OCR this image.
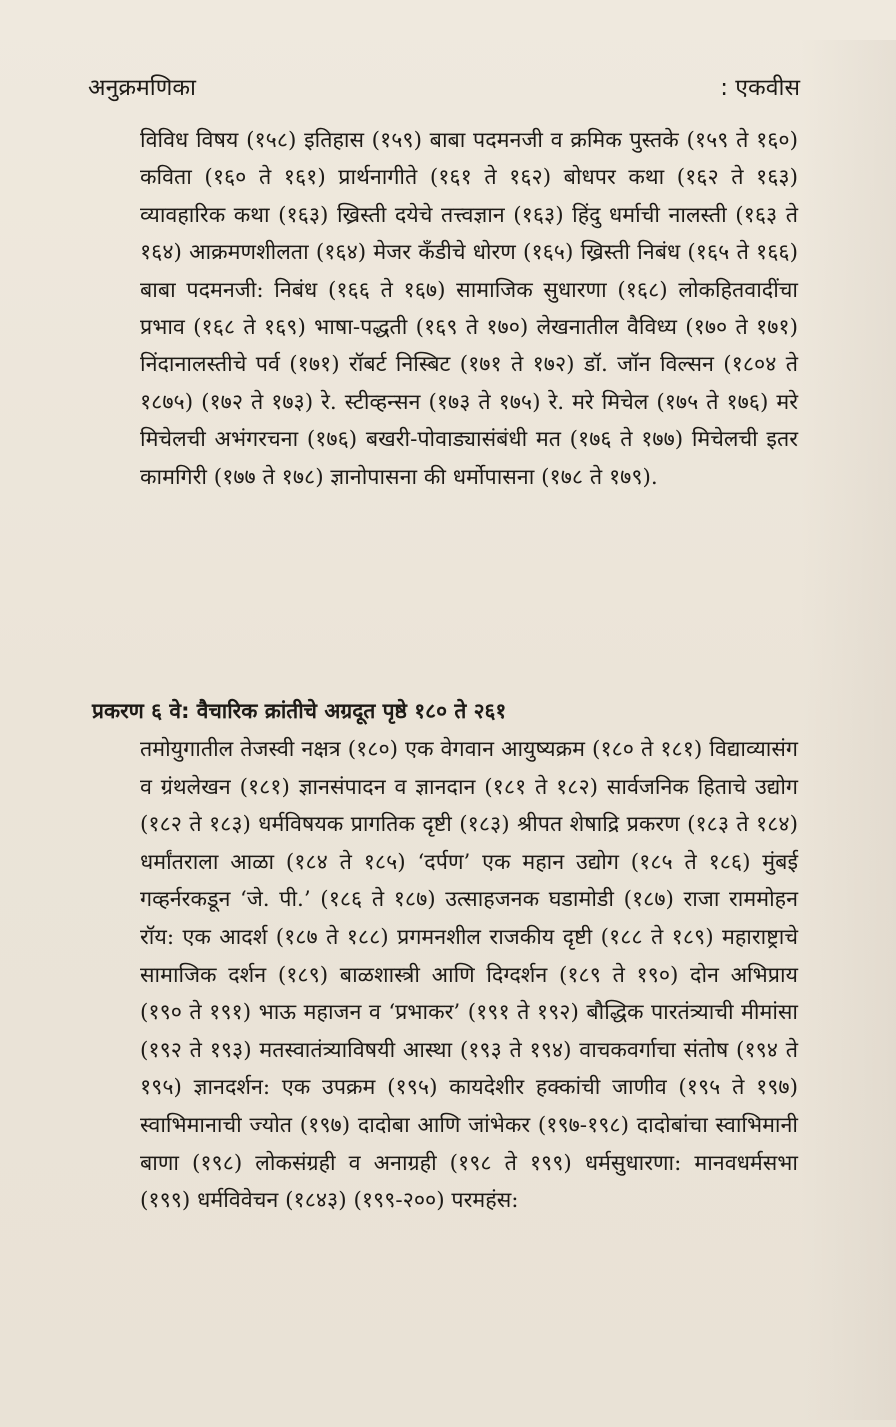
अनुक्रमणिका	: एकवीस

विविध विषय (१५८) इतिहास (१५९) बाबा पदमनजी व क्रमिक पुस्तके (१५९ ते १६०) कविता (१६० ते १६१) प्रार्थनागीते (१६१ ते १६२) बोधपर कथा (१६२ ते १६३) व्यावहारिक कथा (१६३) ख्रिस्ती दयेचे तत्त्वज्ञान (१६३) हिंदु धर्माची नालस्ती (१६३ ते १६४) आक्रमणशीलता (१६४) मेजर कँडीचे धोरण (१६५) ख्रिस्ती निबंध (१६५ ते १६६) बाबा पदमनजी: निबंध (१६६ ते १६७) सामाजिक सुधारणा (१६८) लोकहितवादींचा प्रभाव (१६८ ते १६९) भाषा-पद्धती (१६९ ते १७०) लेखनातील वैविध्य (१७० ते १७१) निंदानालस्तीचे पर्व (१७१) रॉबर्ट निस्बिट (१७१ ते १७२) डॉ. जॉन विल्सन (१८०४ ते १८७५) (१७२ ते १७३) रे. स्टीव्हन्सन (१७३ ते १७५) रे. मरे मिचेल (१७५ ते १७६) मरे मिचेलची अभंगरचना (१७६) बखरी-पोवाड्यासंबंधी मत (१७६ ते १७७) मिचेलची इतर कामगिरी (१७७ ते १७८) ज्ञानोपासना की धर्मोपासना (१७८ ते १७९).

प्रकरण ६ वे: वैचारिक क्रांतीचे अग्रदूत पृष्ठे १८० ते २६१

तमोयुगातील तेजस्वी नक्षत्र (१८०) एक वेगवान आयुष्यक्रम (१८० ते १८१) विद्याव्यासंग व ग्रंथलेखन (१८१) ज्ञानसंपादन व ज्ञानदान (१८१ ते १८२) सार्वजनिक हिताचे उद्योग (१८२ ते १८३) धर्मविषयक प्रागतिक दृष्टी (१८३) श्रीपत शेषाद्रि प्रकरण (१८३ ते १८४) धर्मांतराला आळा (१८४ ते १८५) ‘दर्पण’ एक महान उद्योग (१८५ ते १८६) मुंबई गव्हर्नरकडून ‘जे. पी.’ (१८६ ते १८७) उत्साहजनक घडामोडी (१८७) राजा राममोहन रॉय: एक आदर्श (१८७ ते १८८) प्रगमनशील राजकीय दृष्टी (१८८ ते १८९) महाराष्ट्राचे सामाजिक दर्शन (१८९) बाळशास्त्री आणि दिग्दर्शन (१८९ ते १९०) दोन अभिप्राय (१९० ते १९१) भाऊ महाजन व ‘प्रभाकर’ (१९१ ते १९२) बौद्धिक पारतंत्र्याची मीमांसा (१९२ ते १९३) मतस्वातंत्र्याविषयी आस्था (१९३ ते १९४) वाचकवर्गाचा संतोष (१९४ ते १९५) ज्ञानदर्शन: एक उपक्रम (१९५) कायदेशीर हक्कांची जाणीव (१९५ ते १९७) स्वाभिमानाची ज्योत (१९७) दादोबा आणि जांभेकर (१९७-१९८) दादोबांचा स्वाभिमानी बाणा (१९८) लोकसंग्रही व अनाग्रही (१९८ ते १९९) धर्मसुधारणा: मानवधर्मसभा (१९९) धर्मविवेचन (१८४३) (१९९-२००) परमहंस:
